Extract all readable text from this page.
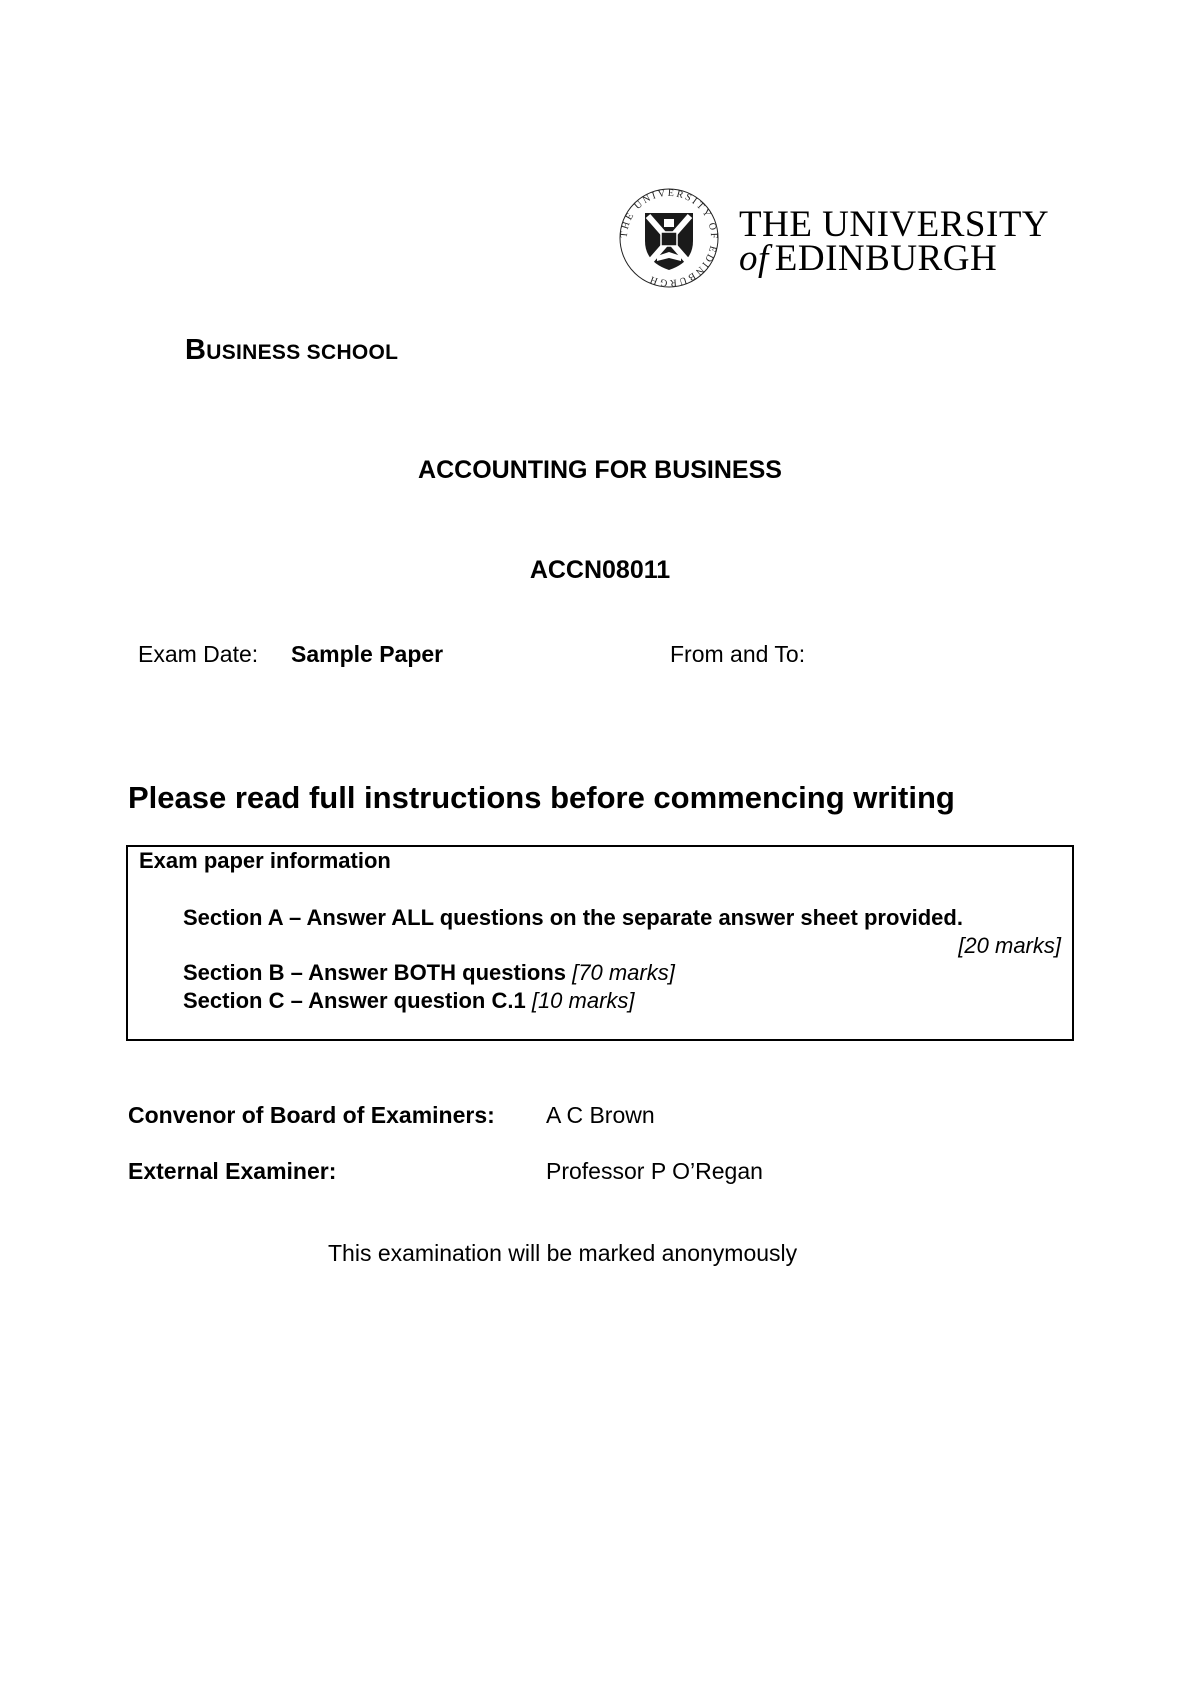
THE UNIVERSITY OF EDINBURGH
THE UNIVERSITY
of EDINBURGH
BUSINESS SCHOOL
ACCOUNTING FOR BUSINESS
ACCN08011
Exam Date: Sample Paper	From and To:
Please read full instructions before commencing writing
Exam paper information
Section A – Answer ALL questions on the separate answer sheet provided.
[20 marks]
Section B – Answer BOTH questions [70 marks]
Section C – Answer question C.1 [10 marks]
Convenor of Board of Examiners: A C Brown
External Examiner:	Professor P O’Regan
This examination will be marked anonymously
